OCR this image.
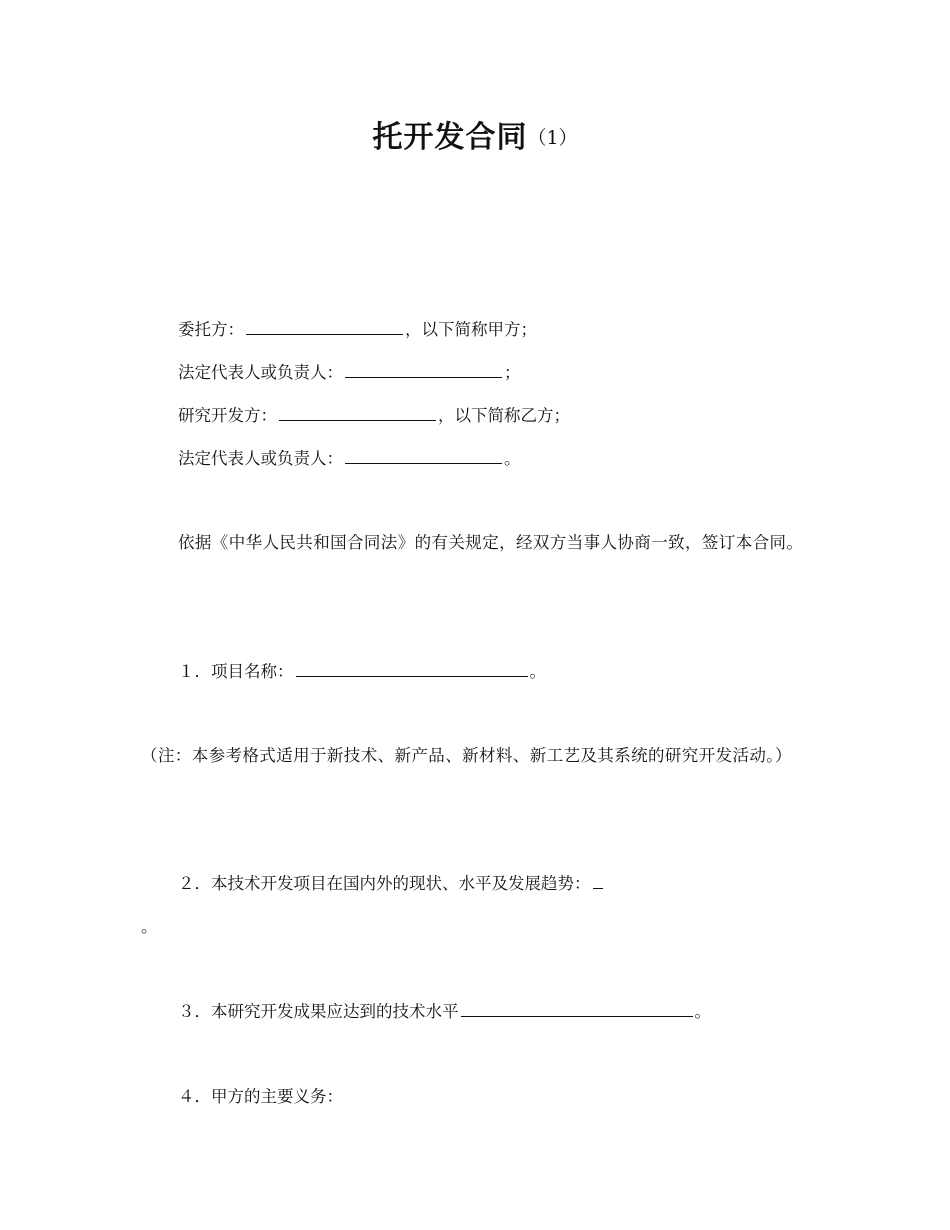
托开发合同（1）
委托方：	，以下简称甲方；
法定代表人或负责人：	；
研究开发方：	，以下简称乙方；
法定代表人或负责人：	。
依据《中华人民共和国合同法》的有关规定，经双方当事人协商一致，签订本合同。
１．项目名称：	。
（注：本参考格式适用于新技术、新产品、新材料、新工艺及其系统的研究开发活动。）
２．本技术开发项目在国内外的现状、水平及发展趋势：
。
３．本研究开发成果应达到的技术水平	。
４．甲方的主要义务：
